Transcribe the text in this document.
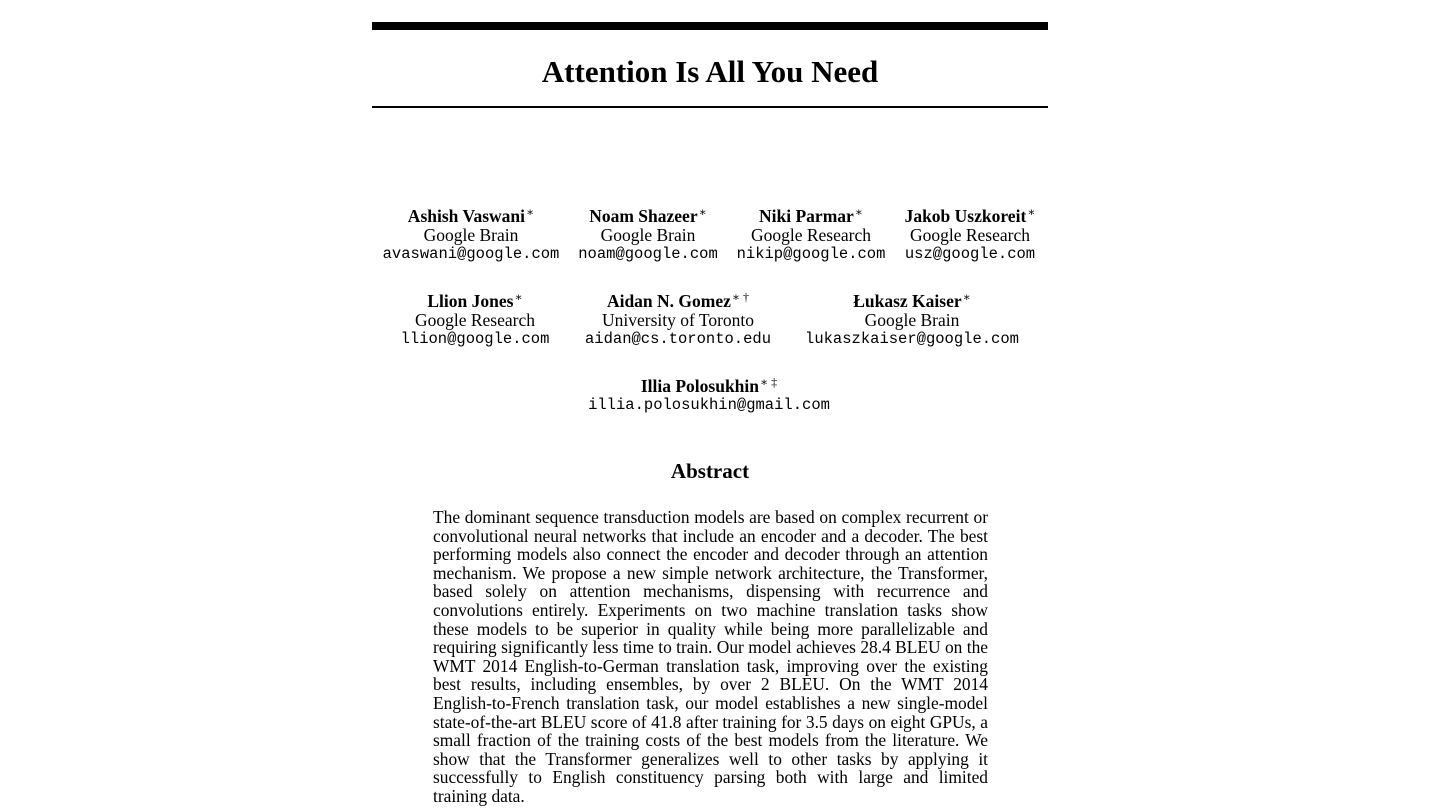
Attention Is All You Need
Ashish Vaswani∗
Google Brain
avaswani@google.com
Noam Shazeer∗
Google Brain
noam@google.com
Niki Parmar∗
Google Research
nikip@google.com
Jakob Uszkoreit∗
Google Research
usz@google.com
Llion Jones∗
Google Research
llion@google.com
Aidan N. Gomez∗ †
University of Toronto
aidan@cs.toronto.edu
Łukasz Kaiser∗
Google Brain
lukaszkaiser@google.com
Illia Polosukhin∗ ‡
illia.polosukhin@gmail.com
Abstract

The dominant sequence transduction models are based on complex recurrent or convolutional neural networks that include an encoder and a decoder. The best performing models also connect the encoder and decoder through an attention mechanism. We propose a new simple network architecture, the Transformer, based solely on attention mechanisms, dispensing with recurrence and convolutions entirely. Experiments on two machine translation tasks show these models to be superior in quality while being more parallelizable and requiring significantly less time to train. Our model achieves 28.4 BLEU on the WMT 2014 English-to-German translation task, improving over the existing best results, including ensembles, by over 2 BLEU. On the WMT 2014 English-to-French translation task, our model establishes a new single-model state-of-the-art BLEU score of 41.8 after training for 3.5 days on eight GPUs, a small fraction of the training costs of the best models from the literature. We show that the Transformer generalizes well to other tasks by applying it successfully to English constituency parsing both with large and limited training data.
